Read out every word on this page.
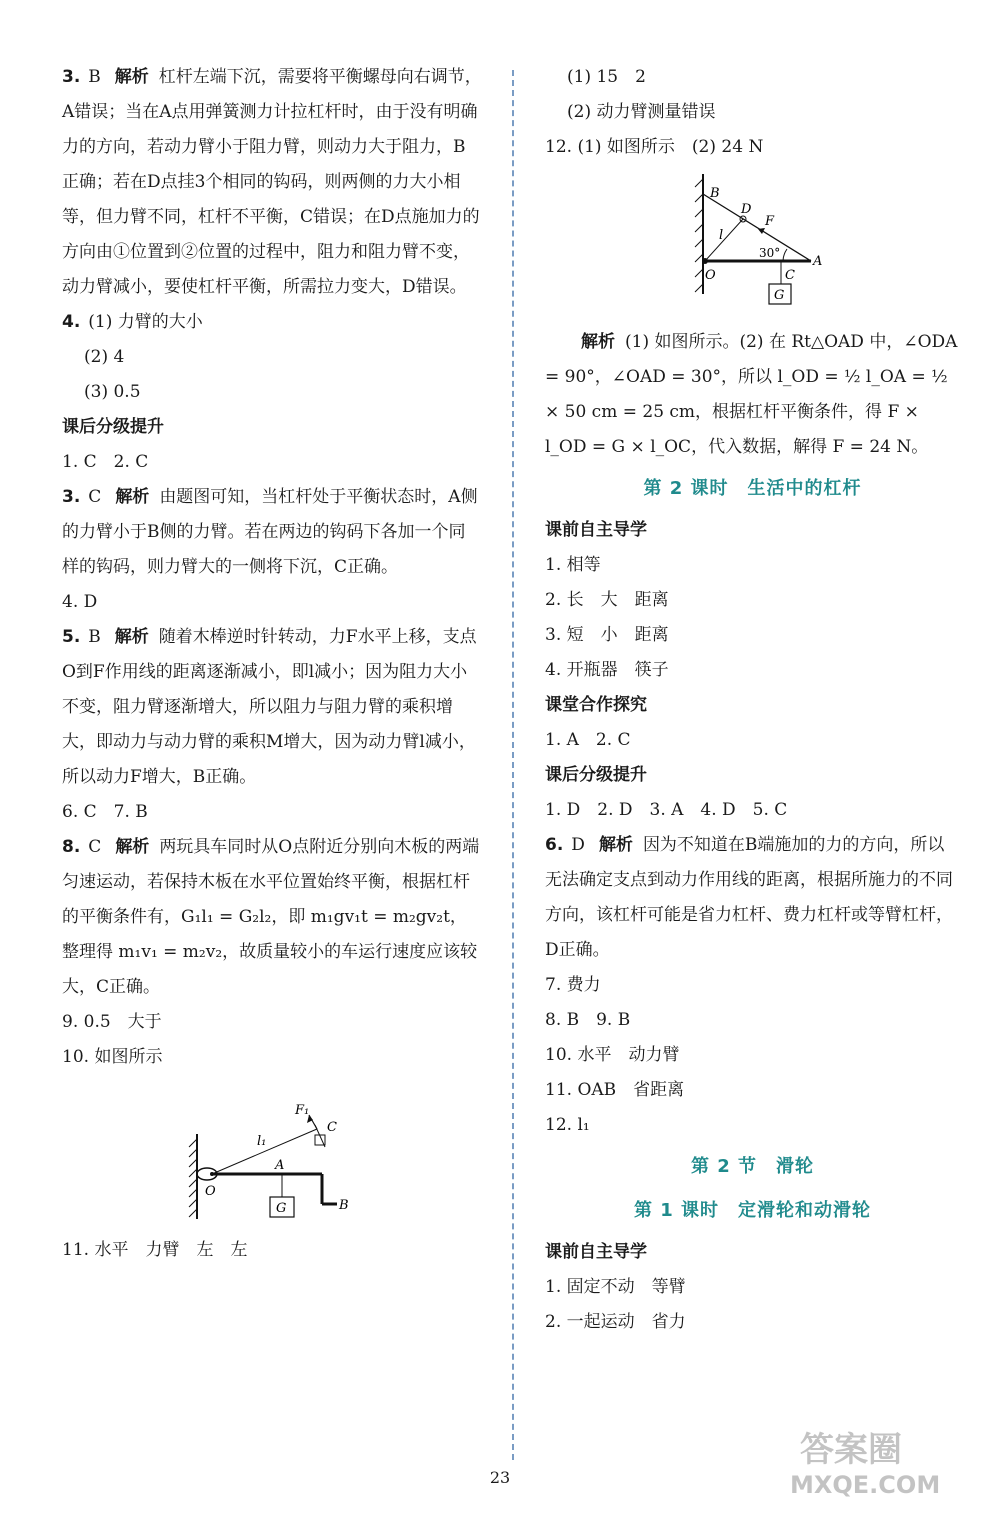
3. B 解析 杠杆左端下沉，需要将平衡螺母向右调节，A错误；当在A点用弹簧测力计拉杠杆时，由于没有明确力的方向，若动力臂小于阻力臂，则动力大于阻力，B正确；若在D点挂3个相同的钩码，则两侧的力大小相等，但力臂不同，杠杆不平衡，C错误；在D点施加力的方向由①位置到②位置的过程中，阻力和阻力臂不变，动力臂减小，要使杠杆平衡，所需拉力变大，D错误。

4. (1) 力臂的大小

(2) 4

(3) 0.5

课后分级提升

1. C　2. C

3. C 解析 由题图可知，当杠杆处于平衡状态时，A侧的力臂小于B侧的力臂。若在两边的钩码下各加一个同样的钩码，则力臂大的一侧将下沉，C正确。

4. D

5. B 解析 随着木棒逆时针转动，力F水平上移，支点O到F作用线的距离逐渐减小，即l减小；因为阻力大小不变，阻力臂逐渐增大，所以阻力与阻力臂的乘积增大，即动力与动力臂的乘积M增大，因为动力臂l减小，所以动力F增大，B正确。

6. C　7. B

8. C 解析 两玩具车同时从O点附近分别向木板的两端匀速运动，若保持木板在水平位置始终平衡，根据杠杆的平衡条件有，G₁l₁ = G₂l₂，即 m₁gv₁t = m₂gv₂t，整理得 m₁v₁ = m₂v₂，故质量较小的车运行速度应该较大，C正确。

9. 0.5　大于

10. 如图所示

F₁
C
l₁
A
O
B
G

11. 水平　力臂　左　左

(1) 15　2

(2) 动力臂测量错误

12. (1) 如图所示　(2) 24 N

B
D
F
l
30°
O	C
A
G

解析 (1) 如图所示。(2) 在 Rt△OAD 中，∠ODA = 90°，∠OAD = 30°，所以 l_OD = ½ l_OA = ½ × 50 cm = 25 cm，根据杠杆平衡条件，得 F × l_OD = G × l_OC，代入数据，解得 F = 24 N。

第 2 课时　生活中的杠杆

课前自主导学

1. 相等

2. 长　大　距离

3. 短　小　距离

4. 开瓶器　筷子

课堂合作探究

1. A　2. C

课后分级提升

1. D　2. D　3. A　4. D　5. C

6. D 解析 因为不知道在B端施加的力的方向，所以无法确定支点到动力作用线的距离，根据所施力的不同方向，该杠杆可能是省力杠杆、费力杠杆或等臂杠杆，D正确。

7. 费力

8. B　9. B

10. 水平　动力臂

11. OAB　省距离

12. l₁

第 2 节　滑轮

第 1 课时　定滑轮和动滑轮

课前自主导学

1. 固定不动　等臂

2. 一起运动　省力

23
答案圈
MXQE.COM
